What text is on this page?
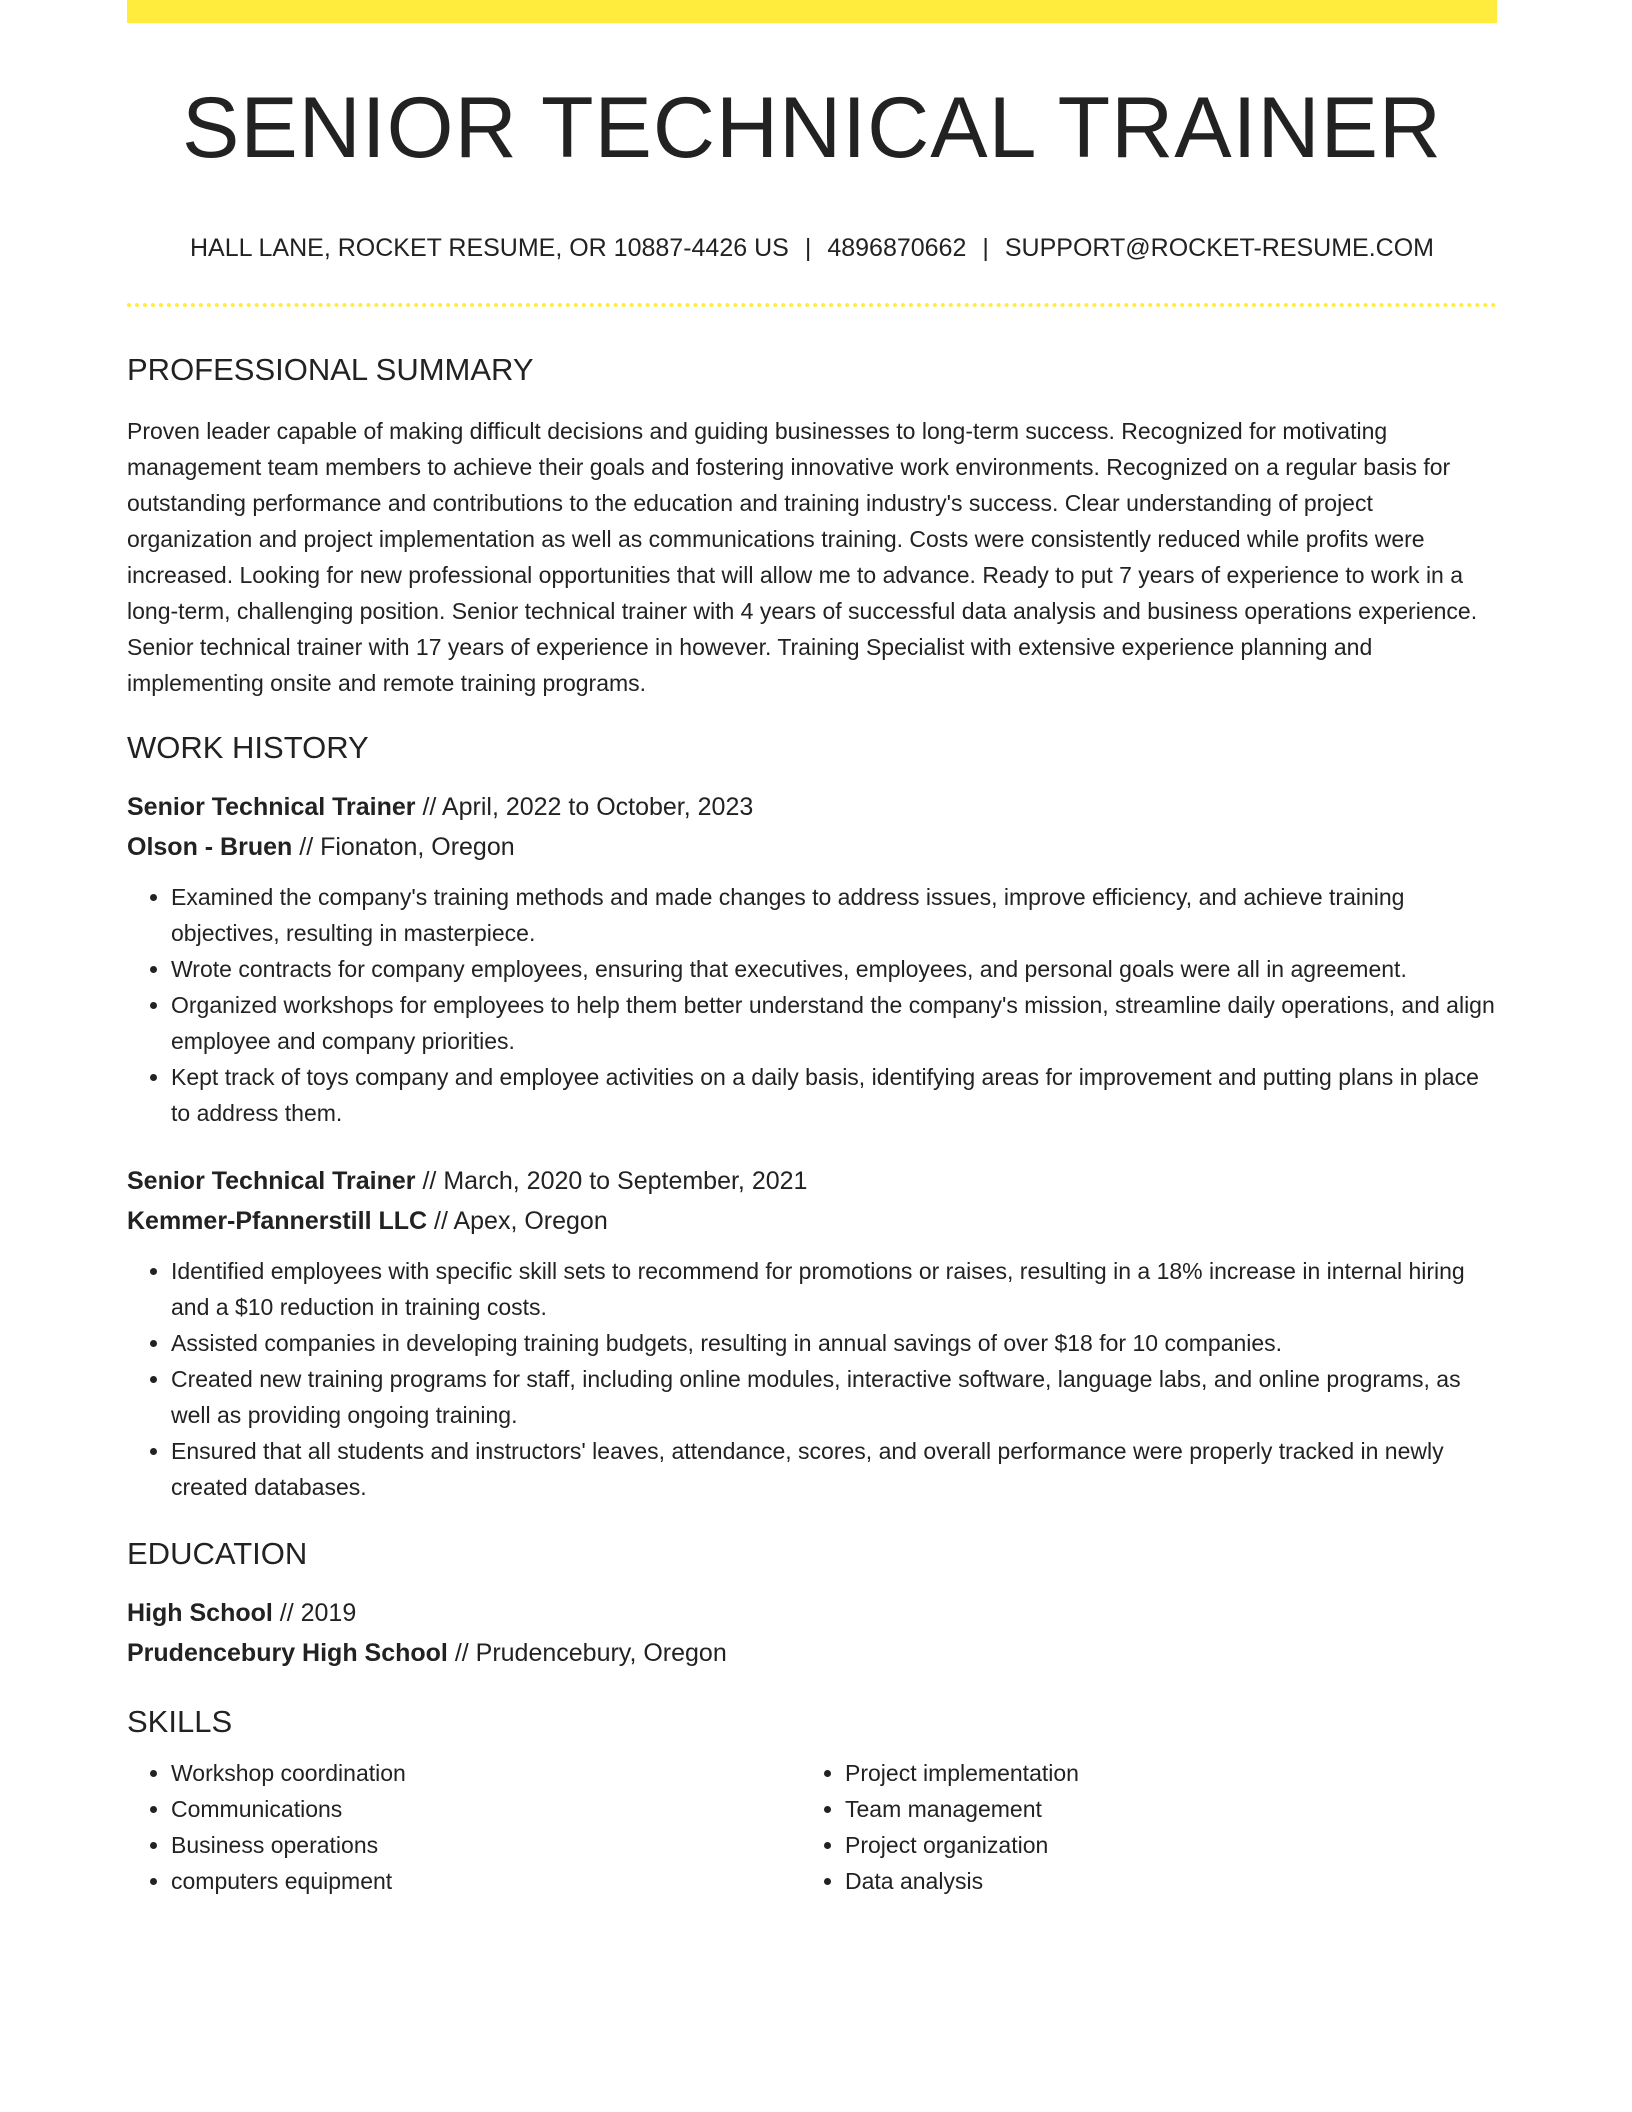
SENIOR TECHNICAL TRAINER
HALL LANE, ROCKET RESUME, OR 10887-4426 US | 4896870662 | SUPPORT@ROCKET-RESUME.COM
PROFESSIONAL SUMMARY

Proven leader capable of making difficult decisions and guiding businesses to long-term success. Recognized for motivating management team members to achieve their goals and fostering innovative work environments. Recognized on a regular basis for outstanding performance and contributions to the education and training industry's success. Clear understanding of project organization and project implementation as well as communications training. Costs were consistently reduced while profits were increased. Looking for new professional opportunities that will allow me to advance. Ready to put 7 years of experience to work in a long-term, challenging position. Senior technical trainer with 4 years of successful data analysis and business operations experience. Senior technical trainer with 17 years of experience in however. Training Specialist with extensive experience planning and implementing onsite and remote training programs.

WORK HISTORY
Senior Technical Trainer // April, 2022 to October, 2023
Olson - Bruen // Fionaton, Oregon
• Examined the company's training methods and made changes to address issues, improve efficiency, and achieve training objectives, resulting in masterpiece.
• Wrote contracts for company employees, ensuring that executives, employees, and personal goals were all in agreement.
• Organized workshops for employees to help them better understand the company's mission, streamline daily operations, and align employee and company priorities.
• Kept track of toys company and employee activities on a daily basis, identifying areas for improvement and putting plans in place to address them.
Senior Technical Trainer // March, 2020 to September, 2021
Kemmer-Pfannerstill LLC // Apex, Oregon
• Identified employees with specific skill sets to recommend for promotions or raises, resulting in a 18% increase in internal hiring and a $10 reduction in training costs.
• Assisted companies in developing training budgets, resulting in annual savings of over $18 for 10 companies.
• Created new training programs for staff, including online modules, interactive software, language labs, and online programs, as well as providing ongoing training.
• Ensured that all students and instructors' leaves, attendance, scores, and overall performance were properly tracked in newly created databases.
EDUCATION
High School // 2019
Prudencebury High School // Prudencebury, Oregon
SKILLS
• Workshop coordination
• Communications
• Business operations
• computers equipment
• Project implementation
• Team management
• Project organization
• Data analysis
